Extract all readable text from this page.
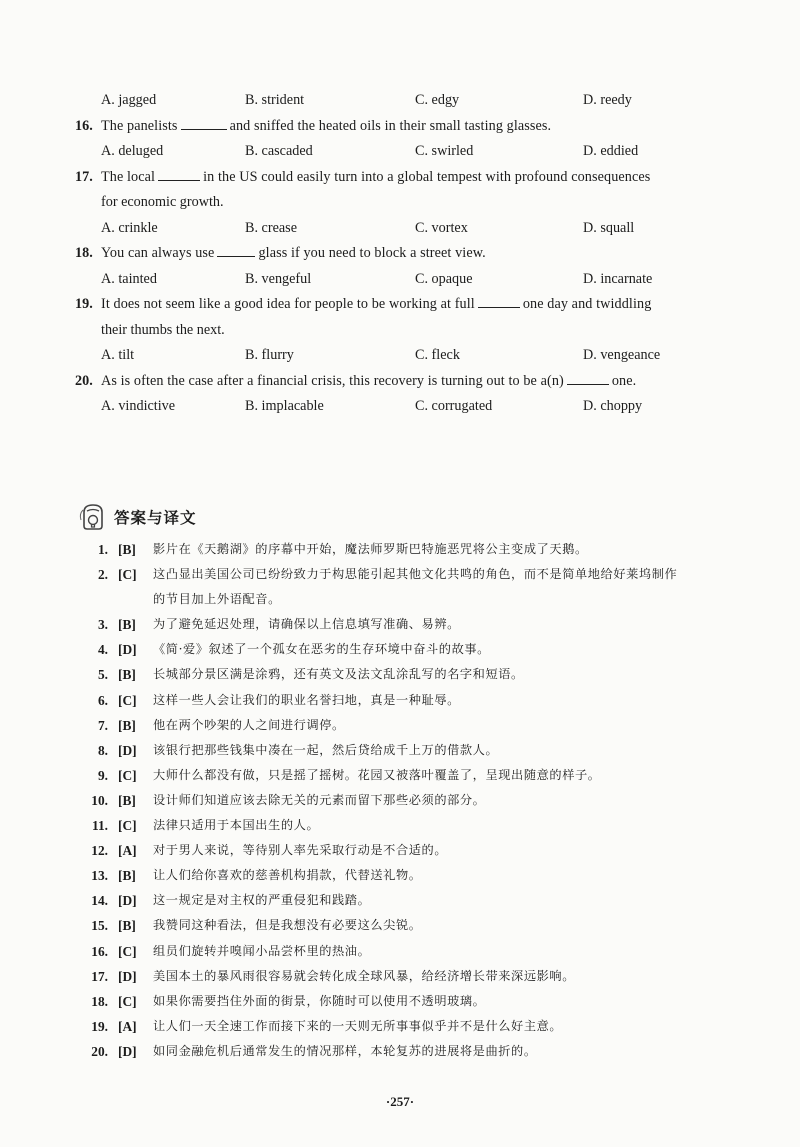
A. jagged	B. strident	C. edgy	D. reedy
16. The panelists	and sniffed the heated oils in their small tasting glasses.
A. deluged	B. cascaded	C. swirled	D. eddied
17. The local	in the US could easily turn into a global tempest with profound consequences
for economic growth.
A. crinkle	B. crease	C. vortex	D. squall
18. You can always use	glass if you need to block a street view.
A. tainted	B. vengeful	C. opaque	D. incarnate
19. It does not seem like a good idea for people to be working at full	one day and twiddling
their thumbs the next.
A. tilt	B. flurry	C. fleck	D. vengeance
20. As is often the case after a financial crisis, this recovery is turning out to be a(n)	one.
A. vindictive	B. implacable	C. corrugated	D. choppy
答案与译文
1. [B] 影片在《天鹅湖》的序幕中开始，魔法师罗斯巴特施恶咒将公主变成了天鹅。
2. [C] 这凸显出美国公司已纷纷致力于构思能引起其他文化共鸣的角色，而不是简单地给好莱坞制作
的节目加上外语配音。
3. [B] 为了避免延迟处理，请确保以上信息填写准确、易辨。
4. [D] 《简·爱》叙述了一个孤女在恶劣的生存环境中奋斗的故事。
5. [B] 长城部分景区满是涂鸦，还有英文及法文乱涂乱写的名字和短语。
6. [C] 这样一些人会让我们的职业名誉扫地，真是一种耻辱。
7. [B] 他在两个吵架的人之间进行调停。
8. [D] 该银行把那些钱集中凑在一起，然后贷给成千上万的借款人。
9. [C] 大师什么都没有做，只是摇了摇树。花园又被落叶覆盖了，呈现出随意的样子。
10. [B] 设计师们知道应该去除无关的元素而留下那些必须的部分。
11. [C] 法律只适用于本国出生的人。
12. [A] 对于男人来说，等待别人率先采取行动是不合适的。
13. [B] 让人们给你喜欢的慈善机构捐款，代替送礼物。
14. [D] 这一规定是对主权的严重侵犯和践踏。
15. [B] 我赞同这种看法，但是我想没有必要这么尖锐。
16. [C] 组员们旋转并嗅闻小品尝杯里的热油。
17. [D] 美国本土的暴风雨很容易就会转化成全球风暴，给经济增长带来深远影响。
18. [C] 如果你需要挡住外面的街景，你随时可以使用不透明玻璃。
19. [A] 让人们一天全速工作而接下来的一天则无所事事似乎并不是什么好主意。
20. [D] 如同金融危机后通常发生的情况那样，本轮复苏的进展将是曲折的。
·257·
